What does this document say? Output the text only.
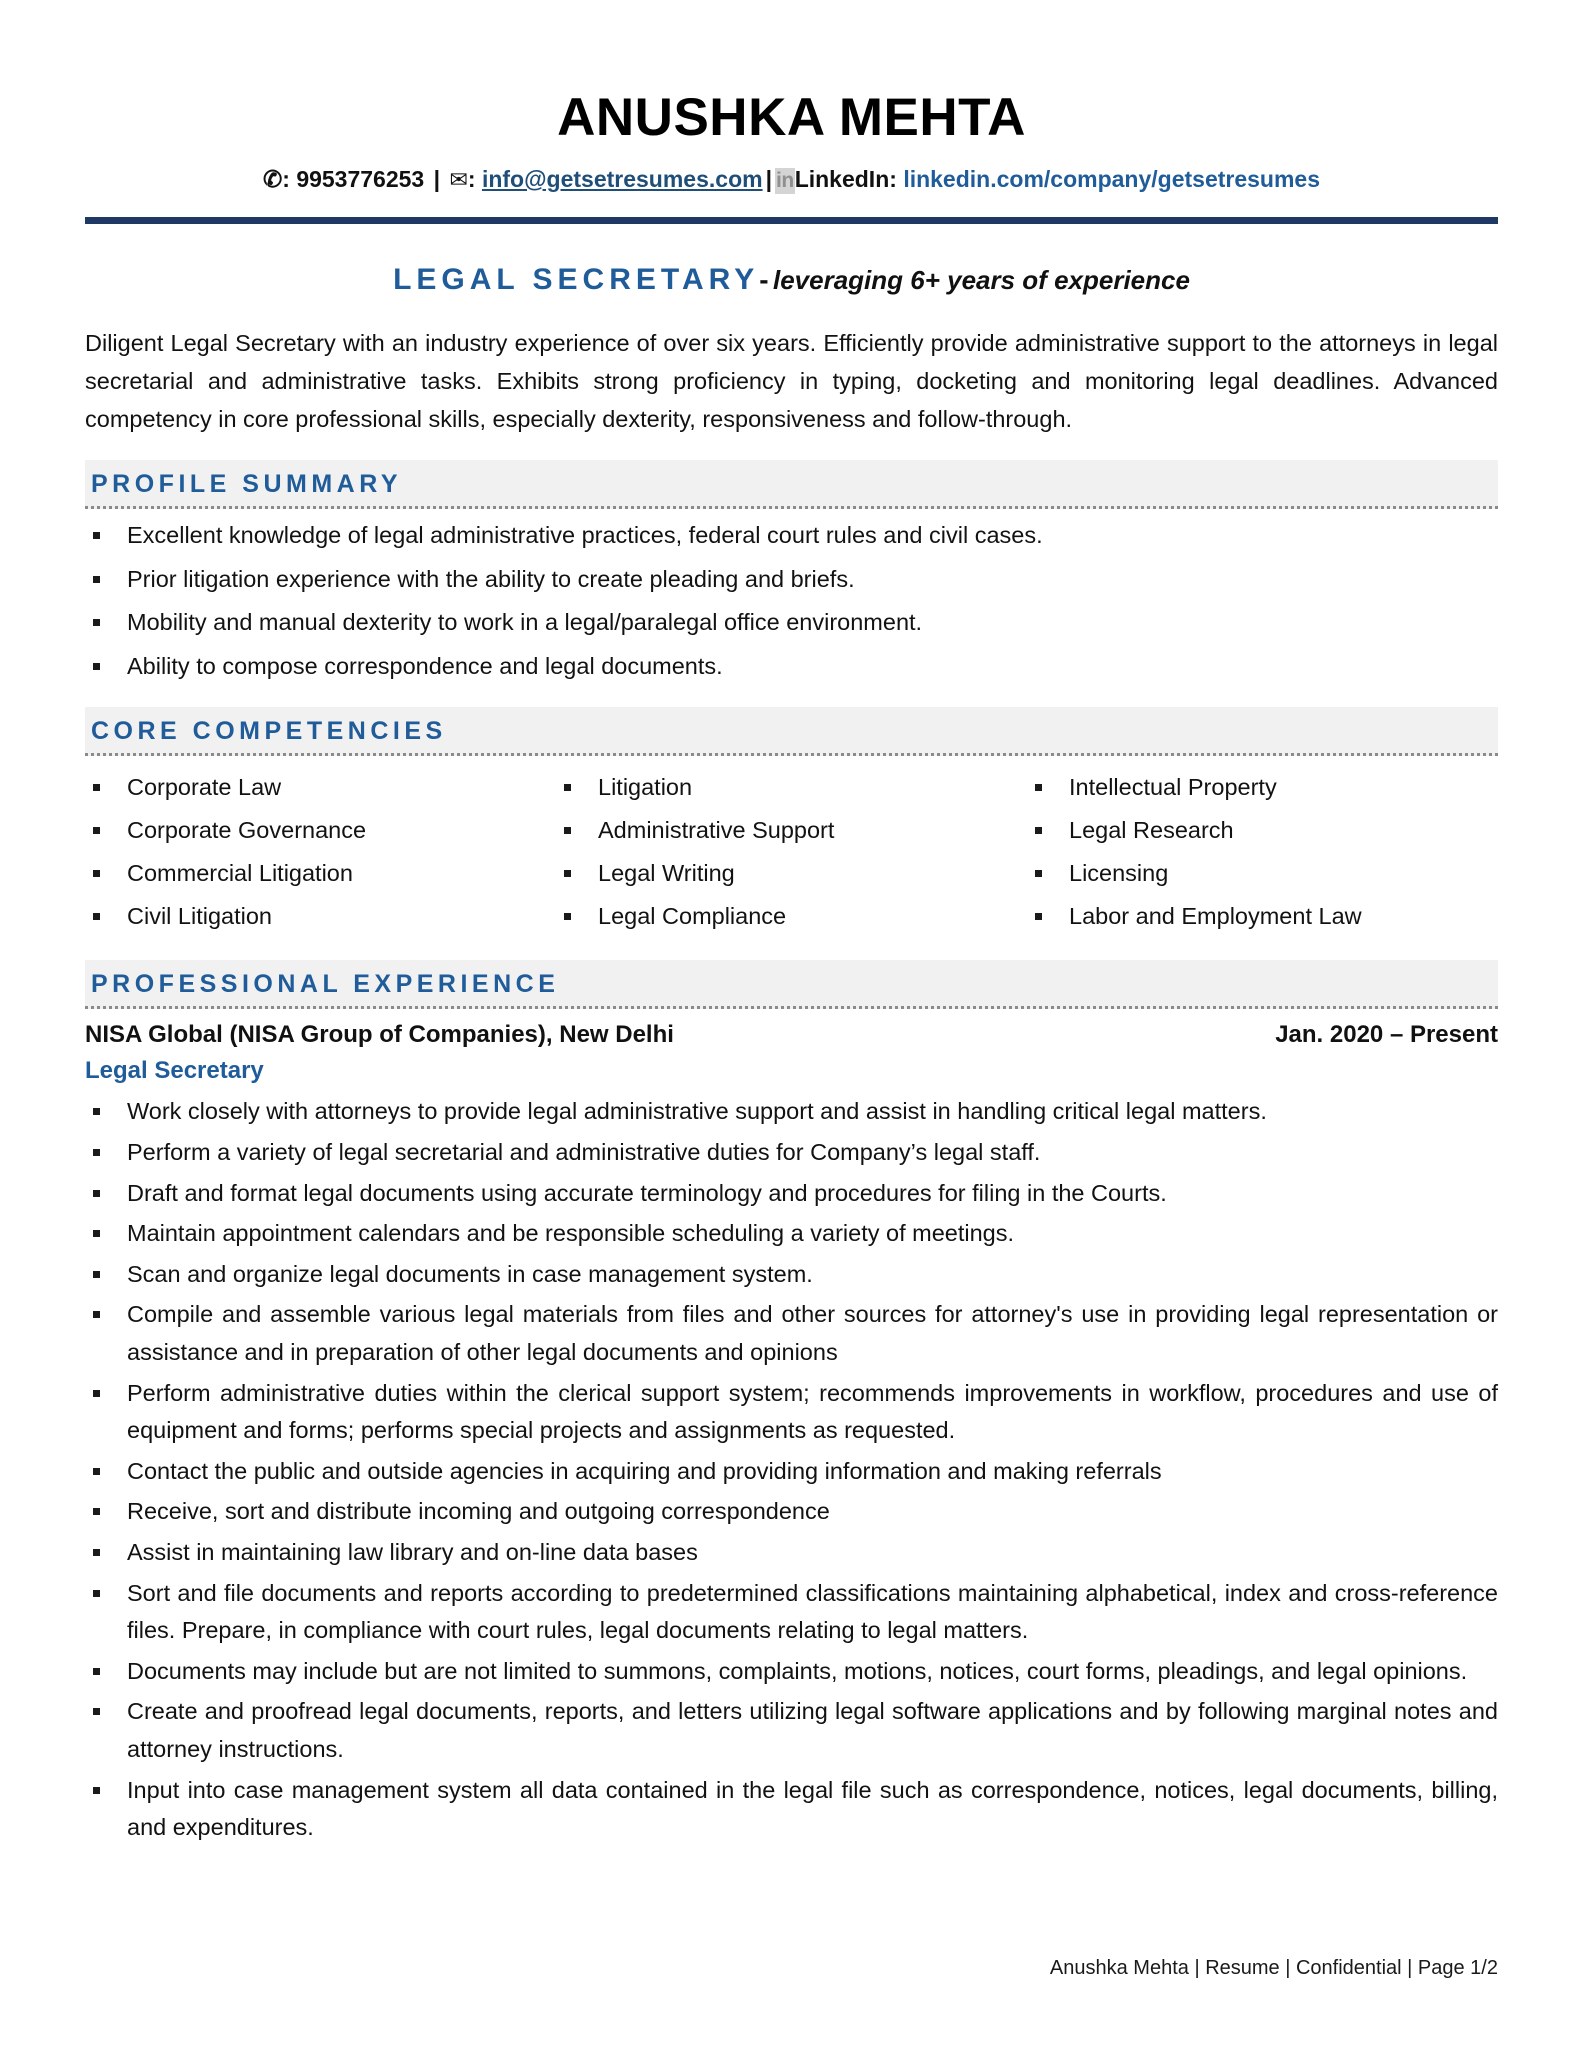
ANUSHKA MEHTA
✆: 9953776253 | ✉: info@getsetresumes.com | inLinkedIn: linkedin.com/company/getsetresumes
LEGAL SECRETARY- leveraging 6+ years of experience

Diligent Legal Secretary with an industry experience of over six years. Efficiently provide administrative support to the attorneys in legal secretarial and administrative tasks. Exhibits strong proficiency in typing, docketing and monitoring legal deadlines. Advanced competency in core professional skills, especially dexterity, responsiveness and follow-through.

PROFILE SUMMARY
Excellent knowledge of legal administrative practices, federal court rules and civil cases.
Prior litigation experience with the ability to create pleading and briefs.
Mobility and manual dexterity to work in a legal/paralegal office environment.
Ability to compose correspondence and legal documents.
CORE COMPETENCIES
Corporate Law	Litigation	Intellectual Property
Corporate Governance	Administrative Support	Legal Research
Commercial Litigation	Legal Writing	Licensing
Civil Litigation	Legal Compliance	Labor and Employment Law
PROFESSIONAL EXPERIENCE
NISA Global (NISA Group of Companies), New Delhi	Jan. 2020 – Present
Legal Secretary
Work closely with attorneys to provide legal administrative support and assist in handling critical legal matters.
Perform a variety of legal secretarial and administrative duties for Company’s legal staff.
Draft and format legal documents using accurate terminology and procedures for filing in the Courts.
Maintain appointment calendars and be responsible scheduling a variety of meetings.
Scan and organize legal documents in case management system.
Compile and assemble various legal materials from files and other sources for attorney's use in providing legal representation or assistance and in preparation of other legal documents and opinions
Perform administrative duties within the clerical support system; recommends improvements in workflow, procedures and use of equipment and forms; performs special projects and assignments as requested.
Contact the public and outside agencies in acquiring and providing information and making referrals
Receive, sort and distribute incoming and outgoing correspondence
Assist in maintaining law library and on-line data bases
Sort and file documents and reports according to predetermined classifications maintaining alphabetical, index and cross-reference files. Prepare, in compliance with court rules, legal documents relating to legal matters.
Documents may include but are not limited to summons, complaints, motions, notices, court forms, pleadings, and legal opinions.
Create and proofread legal documents, reports, and letters utilizing legal software applications and by following marginal notes and attorney instructions.
Input into case management system all data contained in the legal file such as correspondence, notices, legal documents, billing, and expenditures.
Anushka Mehta | Resume | Confidential | Page 1/2
